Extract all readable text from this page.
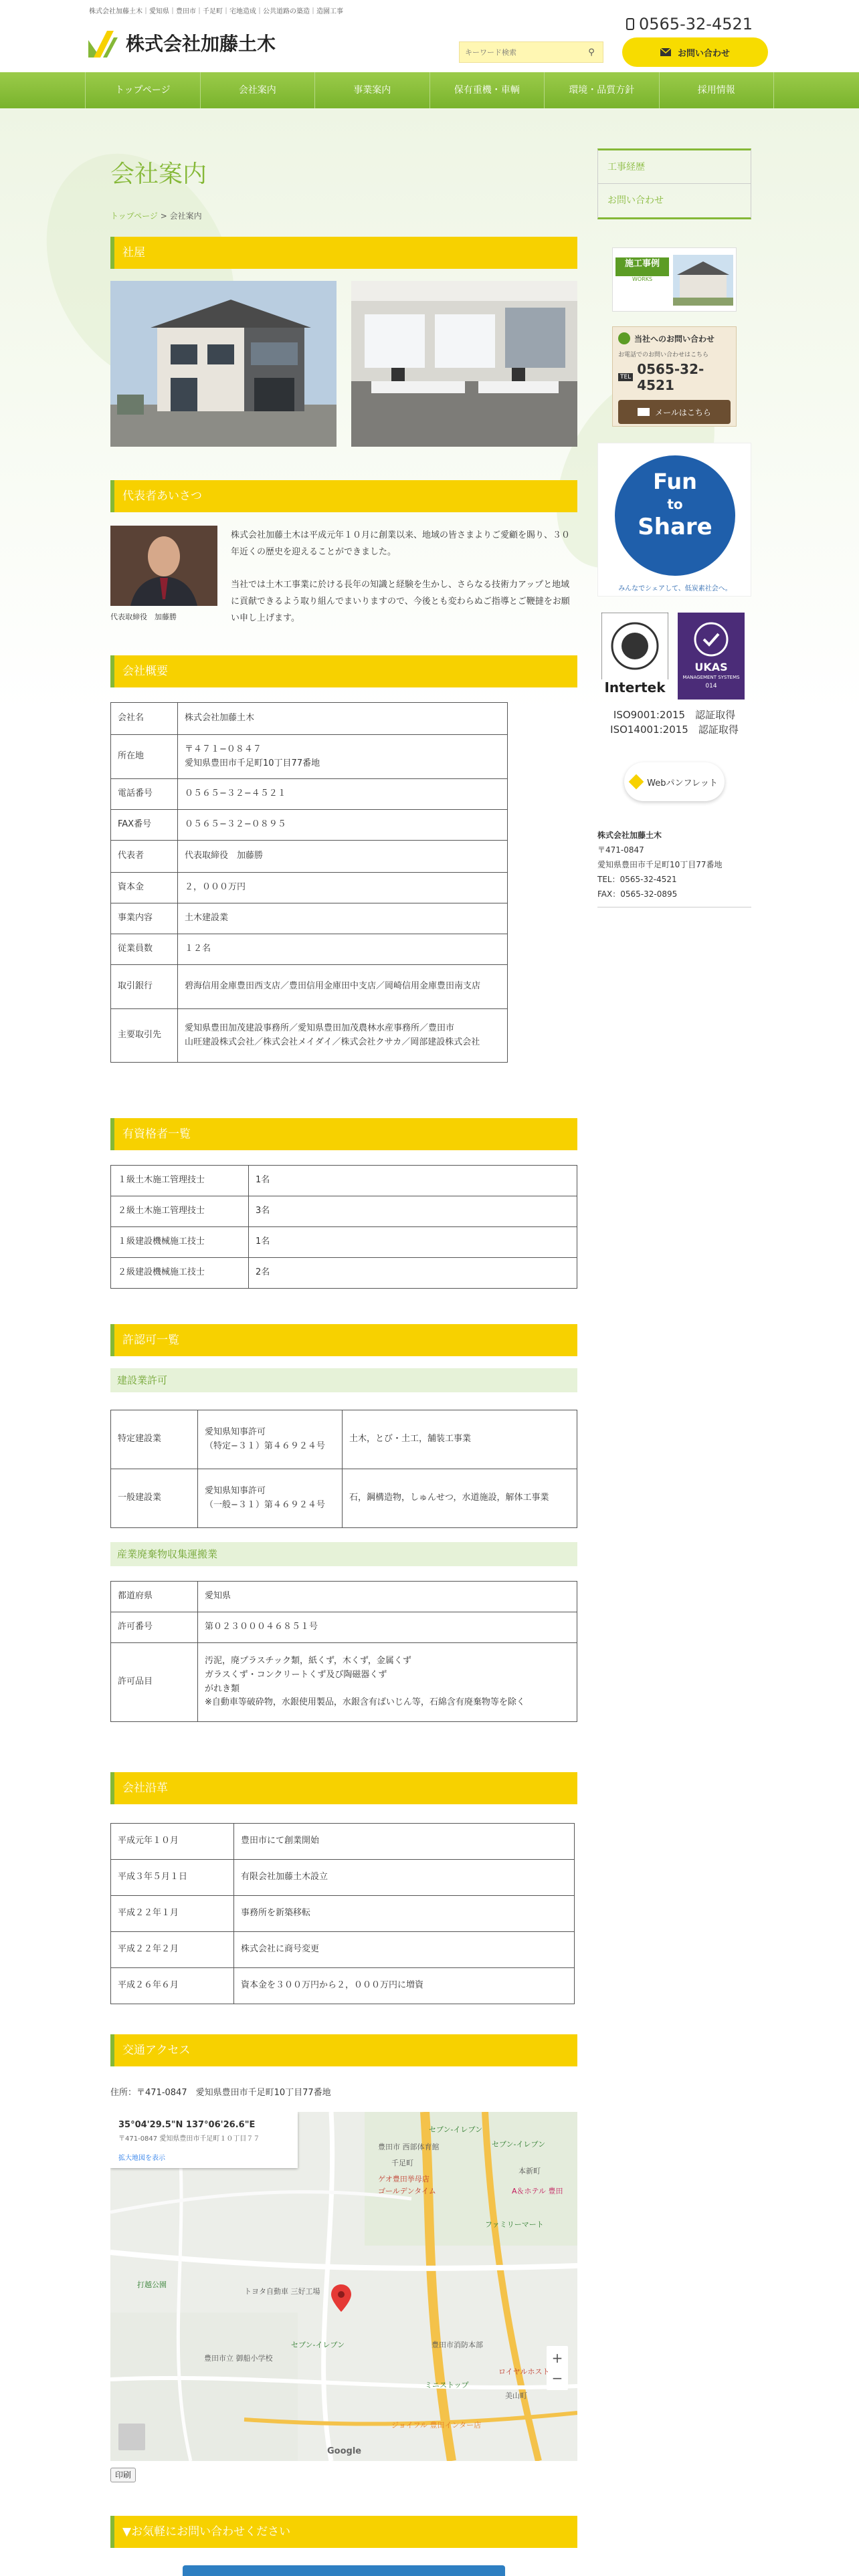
株式会社加藤土木｜愛知県｜豊田市｜千足町｜宅地造成｜公共道路の築造｜造園工事
株式会社加藤土木
0565-32-4521
キーワード検索
⚲	お問い合わせ
トップページ	会社案内	事業案内	保有重機・車輌	環境・品質方針	採用情報
会社案内
トップページ > 会社案内
社屋
代表者あいさつ
代表取締役　加藤勝

株式会社加藤土木は平成元年１０月に創業以来、地域の皆さまよりご愛顧を賜り、３０年近くの歴史を迎えることができました。

当社では土木工事業に於ける長年の知識と経験を生かし、さらなる技術力アップと地域に貢献できるよう取り組んでまいりますので、今後とも変わらぬご指導とご鞭撻をお願い申し上げます。

会社概要
会社名	株式会社加藤土木
所在地	〒４７１−０８４７
愛知県豊田市千足町10丁目77番地
電話番号	０５６５−３２−４５２１
FAX番号	０５６５−３２−０８９５
代表者	代表取締役　加藤勝
資本金	２，０００万円
事業内容	土木建設業
従業員数	１２名
取引銀行	碧海信用金庫豊田西支店／豊田信用金庫田中支店／岡崎信用金庫豊田南支店
主要取引先	愛知県豊田加茂建設事務所／愛知県豊田加茂農林水産事務所／豊田市
山旺建設株式会社／株式会社メイダイ／株式会社クサカ／岡部建設株式会社
有資格者一覧
１級土木施工管理技士	1名
２級土木施工管理技士	3名
１級建設機械施工技士	1名
２級建設機械施工技士	2名
許認可一覧
建設業許可
特定建設業	愛知県知事許可
（特定−３１）第４６９２４号	土木，とび・土工，舗装工事業
一般建設業	愛知県知事許可
（一般−３１）第４６９２４号	石，鋼構造物，しゅんせつ，水道施設，解体工事業
産業廃棄物収集運搬業
都道府県	愛知県
許可番号	第０２３０００４６８５１号
許可品目	汚泥，廃プラスチック類，紙くず，木くず，金属くず
ガラスくず・コンクリートくず及び陶磁器くず
がれき類
※自動車等破砕物，水銀使用製品，水銀含有ばいじん等，石綿含有廃棄物等を除く
会社沿革
平成元年１０月	豊田市にて創業開始
平成３年５月１日	有限会社加藤土木設立
平成２２年１月	事務所を新築移転
平成２２年２月	株式会社に商号変更
平成２６年６月	資本金を３００万円から２，０００万円に増資
交通アクセス
住所：〒471-0847　愛知県豊田市千足町10丁目77番地
+
−
35°04'29.5"N 137°06'26.6"E
〒471-0847 愛知県豊田市千足町１０丁目７７
拡大地図を表示
セブン-イレブン
豊田市 西部体育館
千足町
ゲオ豊田挙母店
ゴールデンタイム	A＆ホテル 豊田
本新町
ファミリーマート
美山町
トヨタ自動車 三好工場
打越公園
ロイヤルホスト
ジョイフル 豊田インター店
豊田市消防本部
豊田市立 御船小学校
セブン-イレブン
ミニストップ
セブン-イレブン
Google
印刷
▼お気軽にお問い合わせください
工事経歴
お問い合わせ
施工事例
WORKS
当社へのお問い合わせ
お電話でのお問い合わせはこちら
TEL 0565-32-4521
メールはこちら
Fun
to
Share
みんなでシェアして、低炭素社会へ。
Intertek
UKAS
MANAGEMENT SYSTEMS
014
ISO9001:2015　認証取得
ISO14001:2015　認証取得
Webパンフレット
株式会社加藤土木
〒471-0847
愛知県豊田市千足町10丁目77番地
TEL：0565-32-4521
FAX：0565-32-0895
